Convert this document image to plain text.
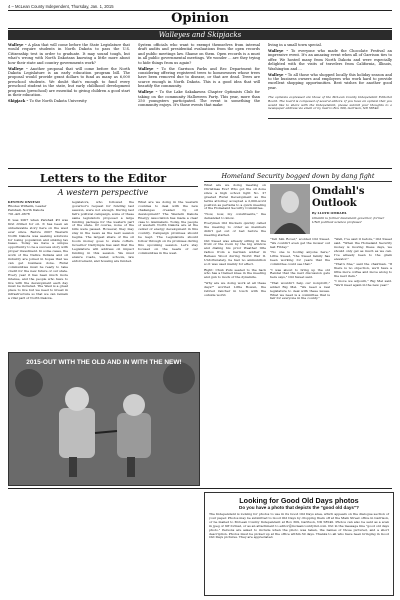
4 – McLean County Independent, Thursday, Jan. 1, 2015
Opinion
Walleyes and Skipjacks

Walleye – A plan that will come before the State Legislature that would require students in North Dakota to pass the U.S. Citizenship test in order to graduate. It may sound tough, but what's wrong with North Dakotans knowing a little more about how their state and country governments work?

Walleye – Another proposal that will come before the North Dakota Legislature is an early education program bill. The proposal would provide grant dollars to fund as many as 6,000 preschool students. We doubt that's enough to fund every preschool student in the state, but early childhood development programs (preschool) are essential to giving children a good start in their education.

Skipjack – To the North Dakota University

System officials who want to exempt themselves from internal draft audits and presidential evaluations from the open records and public meetings law. Shame on them. Open records is a must in all public governmental meetings. We wonder ... are they trying to hide things from us again?

Walleye – To the Garrison Parks and Rec Department for considering offering registered trees to homeowners whose trees have been removed due to disease, or that are dead. Trees are scarce enough in North Dakota. This is a good idea that will beautify the community.

Walleye – To the Lake Sakakawea Chapter Optimists Club for taking on the community Halloween Party. This year, more than 250 youngsters participated. The event is something the community enjoys. It's those events that make

living in a small town special.

Walleye – To everyone who made the Chocolate Festival an impressive event. It's an amazing event when all of Garrison ties to offer. We hosted many from North Dakota and were especially delighted with the visits of travelers from California, Illinois, Washington and ...

Walleye – To all those who shopped locally this holiday season and to the business owners and employees who work hard to provide excellent shopping opportunities. Best wishes for another good year.

The opinions expressed are those of the McLean County Independent Editorial Board. The board is composed of several editors. If you have an opinion that you would like to share with the Independent, please submit your thoughts to a newspaper address via email or by mail to Box 309, Garrison, ND 58540.

Letters to the Editor
A western perspective
KENTON ONSTAD
Rhodes Wilhelm, Leader
Parshall, North Dakota
701-421-0678
It was 2007 when Parshall #3 was first drilled for oil. It has been an unbelievable story here on the west ever since. Before 2007 Western North Dakota was seeking solutions for losing population and sinking tax bases. Today we have a unique opportunity to be a success story with proper investment. In some cases, the work of the Native Indians and oil industry are joined in hopes that we can get business done. Rural communities must be ready to take credit for the new future of our state. Every year it has been much more intense, and the people who have to live with the development each day must be included. The West is a great place to live but we need to invest in infrastructure so that we can remain a vital part of North Dakota.
legislators, who followed the governor's request for funding last session, were not enough. During last fall's political campaign, some of these same legislators proposed a large funding package for the western part of the state. Of course, none of the bills were passed. However, they may stay in the news as the next session begins. The largest share of the oil boom money goes to state coffers. Governor Dalrymple has said that the Legislature will address oil impact funding in this session. We must ensure roads, water, schools, law enforcement, and housing are funded.
What are we doing in the western counties to deal with the new challenges created by oil development? The Western Dakota Energy Association has made a clear case to lawmakers. Today, the people of western North Dakota are at the center of energy development in this country. Campaign promises should be kept. The Legislature should follow through on its promises during this upcoming session. Let's stay focused on the needs of our communities in the west.
2015-OUT WITH THE OLD AND IN WITH THE NEW!
Homeland Security bogged down by dang fight

What are we doing meeting on Christmas Eve? Who got the oil done since a high school light No. 2? greeted Rural Development as the terms attorney accepted a 2,000-word position as pertains to a quick meeting of the Homeland Security Committee.

"Now, now, my constituents," Ike demanded to know.

Everymen Old Duckers quickly called the meeting to order as members didn't get out of bed before the meeting started.

Old Sweet was already sitting in the front of the room by the big window and dialing his prior Weather rifle radios from a German soldier in Belleau Wood during World War II. Unfortunately, he had no ammunition so it was used mainly for effect.

Right: Chub Puts seated to the back who has a trained knee in the meeting and gun to mock of the dynamite.

"Why are we doing work at all these days?" worried Little Bowen, the retired rancher in touch with the outside world.

Omdahl's Outlook
By LLOYD OMDAHL
Omdahl is former lieutenant governor, former UND political science professor

"Tell him Rover," scolded Old Sweet. "We couldn't even get the mower out last Friday."

"No one is fooling anyone here," Little Sweet, "the Sweet family has been working for years that the committee could see that."

"I was about to bring up the old Rendal that the next discussion gets here says," Old Sweet said.

"That wouldn't help our nonprofit," added Big Mel. "We need a real legislature to deal with these issues. What we need is a committee that is fair for everyone in the county."

"Well, I've said it before," Old Sweet said. "When the Homeland Security money is moving these days, we should only get as much as we can. I've already been to the grain elevator."

"That's fine," said the chairman. "If there is no objection, we'll have a little more coffee and move along to the next item."

"I move we adjourn," Big Mel said. "We'll meet again in the new year."

Looking for Good Old Days photos
Do you have a photo that depicts the "good old days"?
The Independent is looking for photos to use in its Good Old Days area, which appears on the dialogue section of your paper. Photos may be submitted to Good Old Days by dropping them off at the Main Street office in Garrison, or be mailed to McLean County Independent at Box 309, Garrison, ND 58540. Photos can also be sent as a scan in jpeg or tiff format, or as an attachment to editor@mcleancountyind.com. Put in the message line "good old days photo." Persons are asked to include when the photo was taken, the names of those pictured, and a short description. Photos must be picked up at the office within 30 days. Thanks to all who have been bringing in Good Old Days pictures. They are appreciated.
